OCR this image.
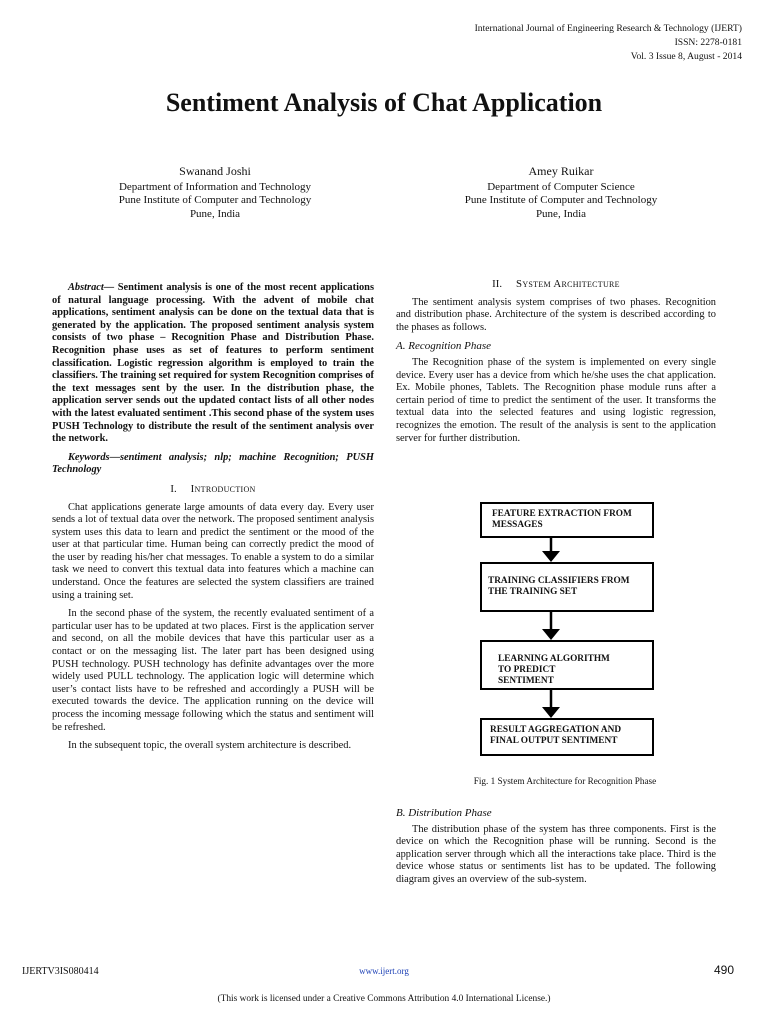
International Journal of Engineering Research & Technology (IJERT)
ISSN: 2278-0181
Vol. 3 Issue 8, August - 2014
Sentiment Analysis of Chat Application
Swanand Joshi
Department of Information and Technology
Pune Institute of Computer and Technology
Pune, India
Amey Ruikar
Department of Computer Science
Pune Institute of Computer and Technology
Pune, India

Abstract— Sentiment analysis is one of the most recent applications of natural language processing. With the advent of mobile chat applications, sentiment analysis can be done on the textual data that is generated by the application. The proposed sentiment analysis system consists of two phase – Recognition Phase and Distribution Phase. Recognition phase uses as set of features to perform sentiment classification. Logistic regression algorithm is employed to train the classifiers. The training set required for system Recognition comprises of the text messages sent by the user. In the distribution phase, the application server sends out the updated contact lists of all other nodes with the latest evaluated sentiment .This second phase of the system uses PUSH Technology to distribute the result of the sentiment analysis over the network.

Keywords—sentiment analysis; nlp; machine Recognition; PUSH Technology

I. Introduction

Chat applications generate large amounts of data every day. Every user sends a lot of textual data over the network. The proposed sentiment analysis system uses this data to learn and predict the sentiment or the mood of the user at that particular time. Human being can correctly predict the mood of the user by reading his/her chat messages. To enable a system to do a similar task we need to convert this textual data into features which a machine can understand. Once the features are selected the system classifiers are trained using a training set.

In the second phase of the system, the recently evaluated sentiment of a particular user has to be updated at two places. First is the application server and second, on all the mobile devices that have this particular user as a contact or on the messaging list. The later part has been designed using PUSH technology. PUSH technology has definite advantages over the more widely used PULL technology. The application logic will determine which user’s contact lists have to be refreshed and accordingly a PUSH will be executed towards the device. The application running on the device will process the incoming message following which the status and sentiment will be refreshed.

In the subsequent topic, the overall system architecture is described.

II. System Architecture

The sentiment analysis system comprises of two phases. Recognition and distribution phase. Architecture of the system is described according to the phases as follows.

A. Recognition Phase

The Recognition phase of the system is implemented on every single device. Every user has a device from which he/she uses the chat application. Ex. Mobile phones, Tablets. The Recognition phase module runs after a certain period of time to predict the sentiment of the user. It transforms the textual data into the selected features and using logistic regression, recognizes the emotion. The result of the analysis is sent to the application server for further distribution.

FEATURE EXTRACTION FROM MESSAGES
TRAINING CLASSIFIERS FROM THE TRAINING SET
LEARNING ALGORITHM TO PREDICT SENTIMENT
RESULT AGGREGATION AND FINAL OUTPUT SENTIMENT
Fig. 1 System Architecture for Recognition Phase
B. Distribution Phase

The distribution phase of the system has three components. First is the device on which the Recognition phase will be running. Second is the application server through which all the interactions take place. Third is the device whose status or sentiments list has to be updated. The following diagram gives an overview of the sub-system.

IJERTV3IS080414	www.ijert.org	490
(This work is licensed under a Creative Commons Attribution 4.0 International License.)
